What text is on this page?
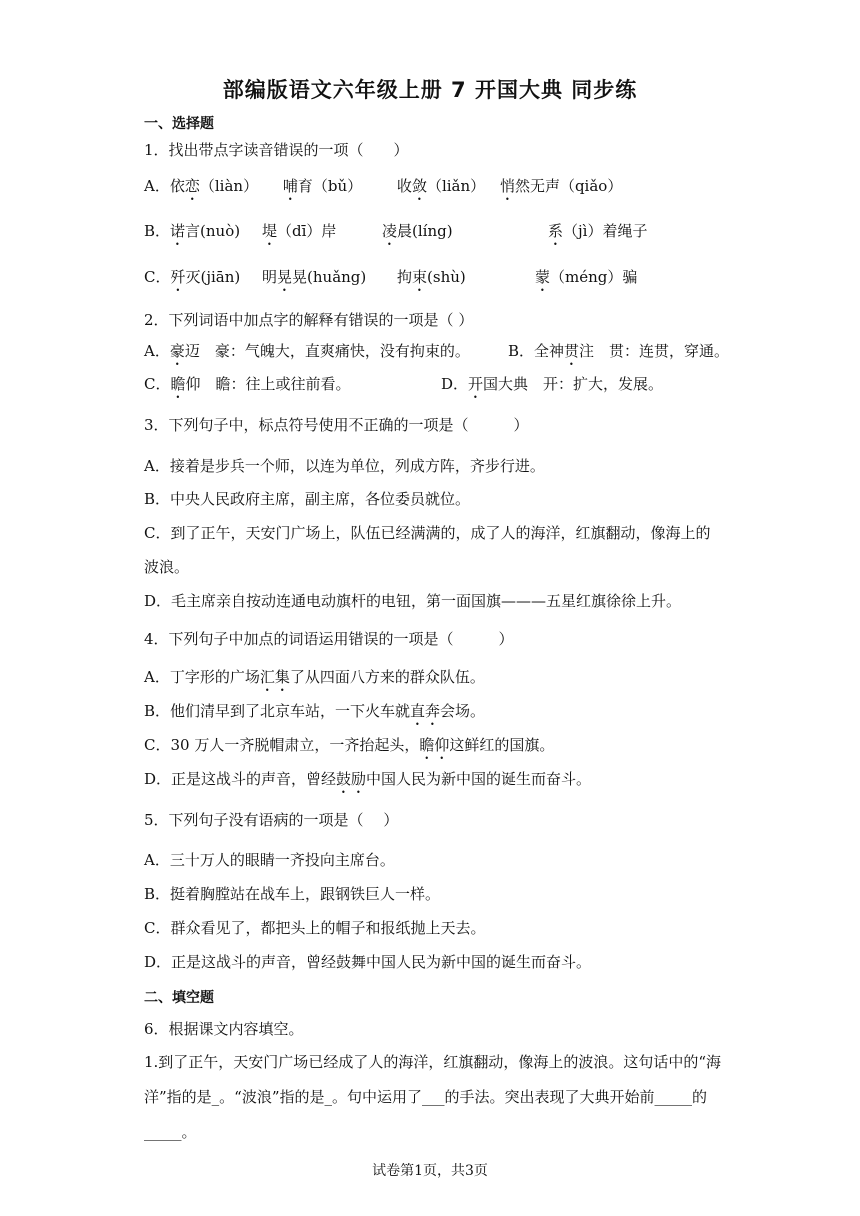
部编版语文六年级上册 7 开国大典 同步练
一、选择题
1．找出带点字读音错误的一项（　　）
A．依恋（liàn） 哺育（bǔ） 收敛（liǎn） 悄然无声（qiǎo）
B．诺言(nuò) 堤（dī）岸	凌晨(líng)	系（jì）着绳子
C．歼灭(jiān) 明晃晃(huǎng) 拘束(shù)	蒙（méng）骗
2．下列词语中加点字的解释有错误的一项是（ ）
A．豪迈　豪：气魄大，直爽痛快，没有拘束的。	B．全神贯注　贯：连贯，穿通。
C．瞻仰　瞻：往上或往前看。	D．开国大典　开：扩大，发展。
3．下列句子中，标点符号使用不正确的一项是（　　　）
A．接着是步兵一个师，以连为单位，列成方阵，齐步行进。
B．中央人民政府主席，副主席，各位委员就位。
C．到了正午，天安门广场上，队伍已经满满的，成了人的海洋，红旗翻动，像海上的
波浪。
D．毛主席亲自按动连通电动旗杆的电钮，第一面国旗———五星红旗徐徐上升。
4．下列句子中加点的词语运用错误的一项是（　　　）
A．丁字形的广场汇集了从四面八方来的群众队伍。
B．他们清早到了北京车站，一下火车就直奔会场。
C．30 万人一齐脱帽肃立，一齐抬起头，瞻仰这鲜红的国旗。
D．正是这战斗的声音，曾经鼓励中国人民为新中国的诞生而奋斗。
5．下列句子没有语病的一项是（　 ）
A．三十万人的眼睛一齐投向主席台。
B．挺着胸膛站在战车上，跟钢铁巨人一样。
C．群众看见了，都把头上的帽子和报纸抛上天去。
D．正是这战斗的声音，曾经鼓舞中国人民为新中国的诞生而奋斗。
二、填空题
6．根据课文内容填空。
1.到了正午，天安门广场已经成了人的海洋，红旗翻动，像海上的波浪。这句话中的“海
洋”指的是_。“波浪”指的是_。句中运用了___的手法。突出表现了大典开始前_____的
_____。
试卷第1页，共3页
